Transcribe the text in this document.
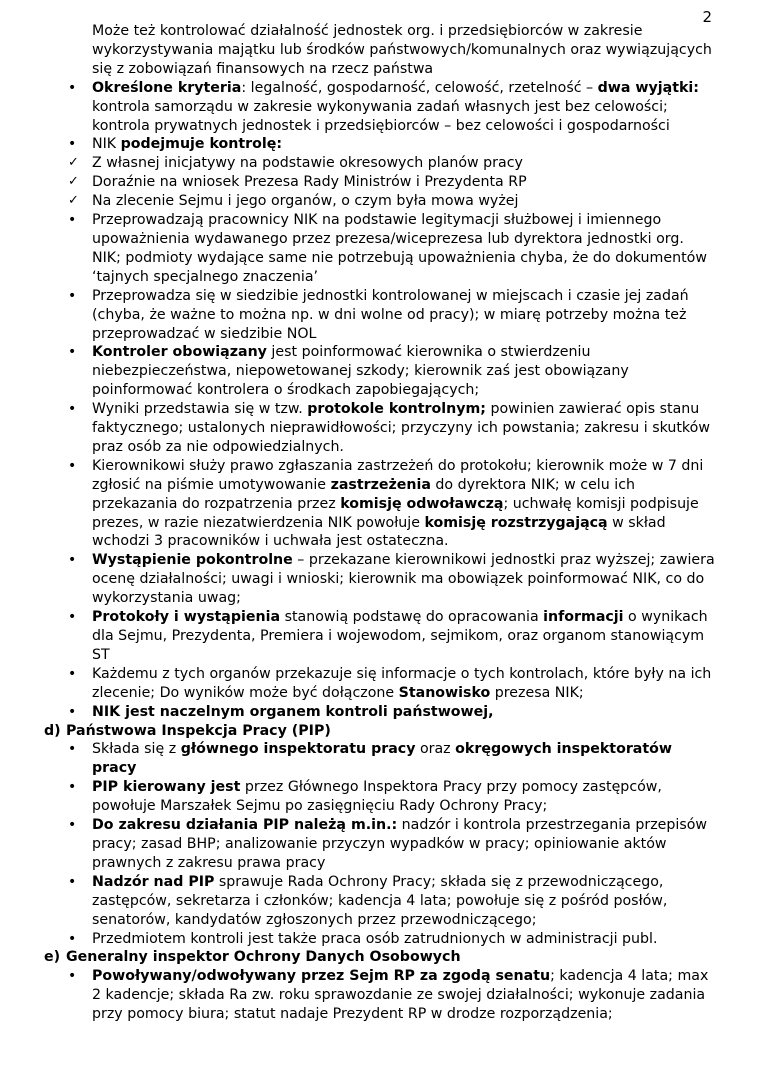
2
Może też kontrolować działalność jednostek org. i przedsiębiorców w zakresie wykorzystywania majątku lub środków państwowych/komunalnych oraz wywiązujących się z zobowiązań finansowych na rzecz państwa
• Określone kryteria: legalność, gospodarność, celowość, rzetelność – dwa wyjątki: kontrola samorządu w zakresie wykonywania zadań własnych jest bez celowości; kontrola prywatnych jednostek i przedsiębiorców – bez celowości i gospodarności
• NIK podejmuje kontrolę:
✓ Z własnej inicjatywy na podstawie okresowych planów pracy
✓ Doraźnie na wniosek Prezesa Rady Ministrów i Prezydenta RP
✓ Na zlecenie Sejmu i jego organów, o czym była mowa wyżej
• Przeprowadzają pracownicy NIK na podstawie legitymacji służbowej i imiennego upoważnienia wydawanego przez prezesa/wiceprezesa lub dyrektora jednostki org. NIK; podmioty wydające same nie potrzebują upoważnienia chyba, że do dokumentów ‘tajnych specjalnego znaczenia’
• Przeprowadza się w siedzibie jednostki kontrolowanej w miejscach i czasie jej zadań (chyba, że ważne to można np. w dni wolne od pracy); w miarę potrzeby można też przeprowadzać w siedzibie NOL
• Kontroler obowiązany jest poinformować kierownika o stwierdzeniu niebezpieczeństwa, niepowetowanej szkody; kierownik zaś jest obowiązany poinformować kontrolera o środkach zapobiegających;
• Wyniki przedstawia się w tzw. protokole kontrolnym; powinien zawierać opis stanu faktycznego; ustalonych nieprawidłowości; przyczyny ich powstania; zakresu i skutków praz osób za nie odpowiedzialnych.
• Kierownikowi służy prawo zgłaszania zastrzeżeń do protokołu; kierownik może w 7 dni zgłosić na piśmie umotywowanie zastrzeżenia do dyrektora NIK; w celu ich przekazania do rozpatrzenia przez komisję odwoławczą; uchwałę komisji podpisuje prezes, w razie niezatwierdzenia NIK powołuje komisję rozstrzygającą w skład wchodzi 3 pracowników i uchwała jest ostateczna.
• Wystąpienie pokontrolne – przekazane kierownikowi jednostki praz wyższej; zawiera ocenę działalności; uwagi i wnioski; kierownik ma obowiązek poinformować NIK, co do wykorzystania uwag;
• Protokoły i wystąpienia stanowią podstawę do opracowania informacji o wynikach dla Sejmu, Prezydenta, Premiera i wojewodom, sejmikom, oraz organom stanowiącym ST
• Każdemu z tych organów przekazuje się informacje o tych kontrolach, które były na ich zlecenie; Do wyników może być dołączone Stanowisko prezesa NIK;
• NIK jest naczelnym organem kontroli państwowej,
d) Państwowa Inspekcja Pracy (PIP)
• Składa się z głównego inspektoratu pracy oraz okręgowych inspektoratów pracy
• PIP kierowany jest przez Głównego Inspektora Pracy przy pomocy zastępców, powołuje Marszałek Sejmu po zasięgnięciu Rady Ochrony Pracy;
• Do zakresu działania PIP należą m.in.: nadzór i kontrola przestrzegania przepisów pracy; zasad BHP; analizowanie przyczyn wypadków w pracy; opiniowanie aktów prawnych z zakresu prawa pracy
• Nadzór nad PIP sprawuje Rada Ochrony Pracy; składa się z przewodniczącego, zastępców, sekretarza i członków; kadencja 4 lata; powołuje się z pośród posłów, senatorów, kandydatów zgłoszonych przez przewodniczącego;
• Przedmiotem kontroli jest także praca osób zatrudnionych w administracji publ.
e) Generalny inspektor Ochrony Danych Osobowych
• Powoływany/odwoływany przez Sejm RP za zgodą senatu; kadencja 4 lata; max 2 kadencje; składa Ra zw. roku sprawozdanie ze swojej działalności; wykonuje zadania przy pomocy biura; statut nadaje Prezydent RP w drodze rozporządzenia;
